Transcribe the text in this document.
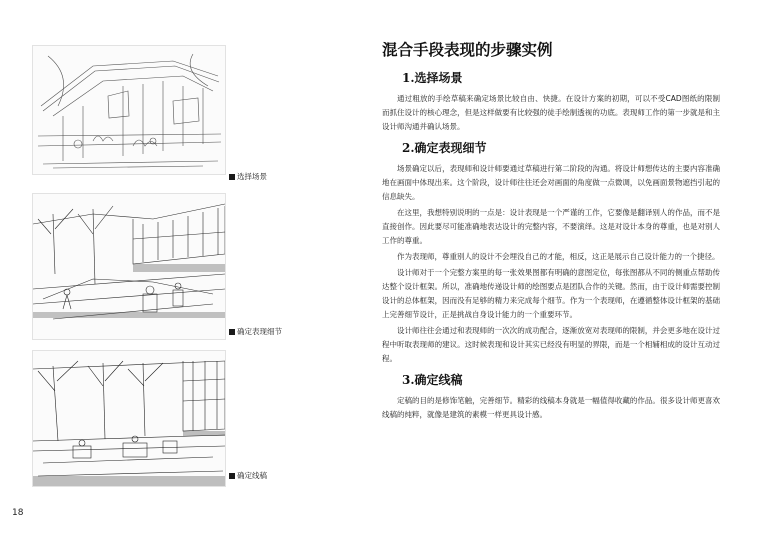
选择场景
确定表现细节
确定线稿
18
混合手段表现的步骤实例
1.选择场景

通过粗放的手绘草稿来确定场景比较自由、快捷。在设计方案的初期，可以不受CAD图纸的限制而抓住设计的核心理念，但是这样做要有比较强的徒手绘制透视的功底。表现师工作的第一步就是和主设计师沟通并确认场景。

2.确定表现细节

场景确定以后，表现师和设计师要通过草稿进行第二阶段的沟通。将设计师想传达的主要内容准确地在画面中体现出来。这个阶段，设计师往往还会对画面的角度做一点微调，以免画面景物遮挡引起的信息缺失。

在这里，我想特别说明的一点是：设计表现是一个严谨的工作，它要像是翻译别人的作品，而不是直接创作。因此要尽可能准确地表达设计的完整内容，不要演绎。这是对设计本身的尊重，也是对别人工作的尊重。

作为表现师，尊重别人的设计不会埋没自己的才能，相反，这正是展示自己设计能力的一个捷径。

设计师对于一个完整方案里的每一张效果图都有明确的意图定位，每张图都从不同的侧重点帮助传达整个设计框架。所以，准确地传递设计师的绘图要点是团队合作的关键。然而，由于设计师需要控制设计的总体框架，因而没有足够的精力来完成每个细节。作为一个表现师，在遵循整体设计框架的基础上完善细节设计，正是挑战自身设计能力的一个重要环节。

设计师往往会通过和表现师的一次次的成功配合，逐渐放宽对表现师的限制，并会更多地在设计过程中听取表现师的建议。这时候表现和设计其实已经没有明显的界限，而是一个相辅相成的设计互动过程。

3.确定线稿

定稿的目的是修饰笔触，完善细节。精彩的线稿本身就是一幅值得收藏的作品。很多设计师更喜欢线稿的纯粹，就像是建筑的素模一样更具设计感。
